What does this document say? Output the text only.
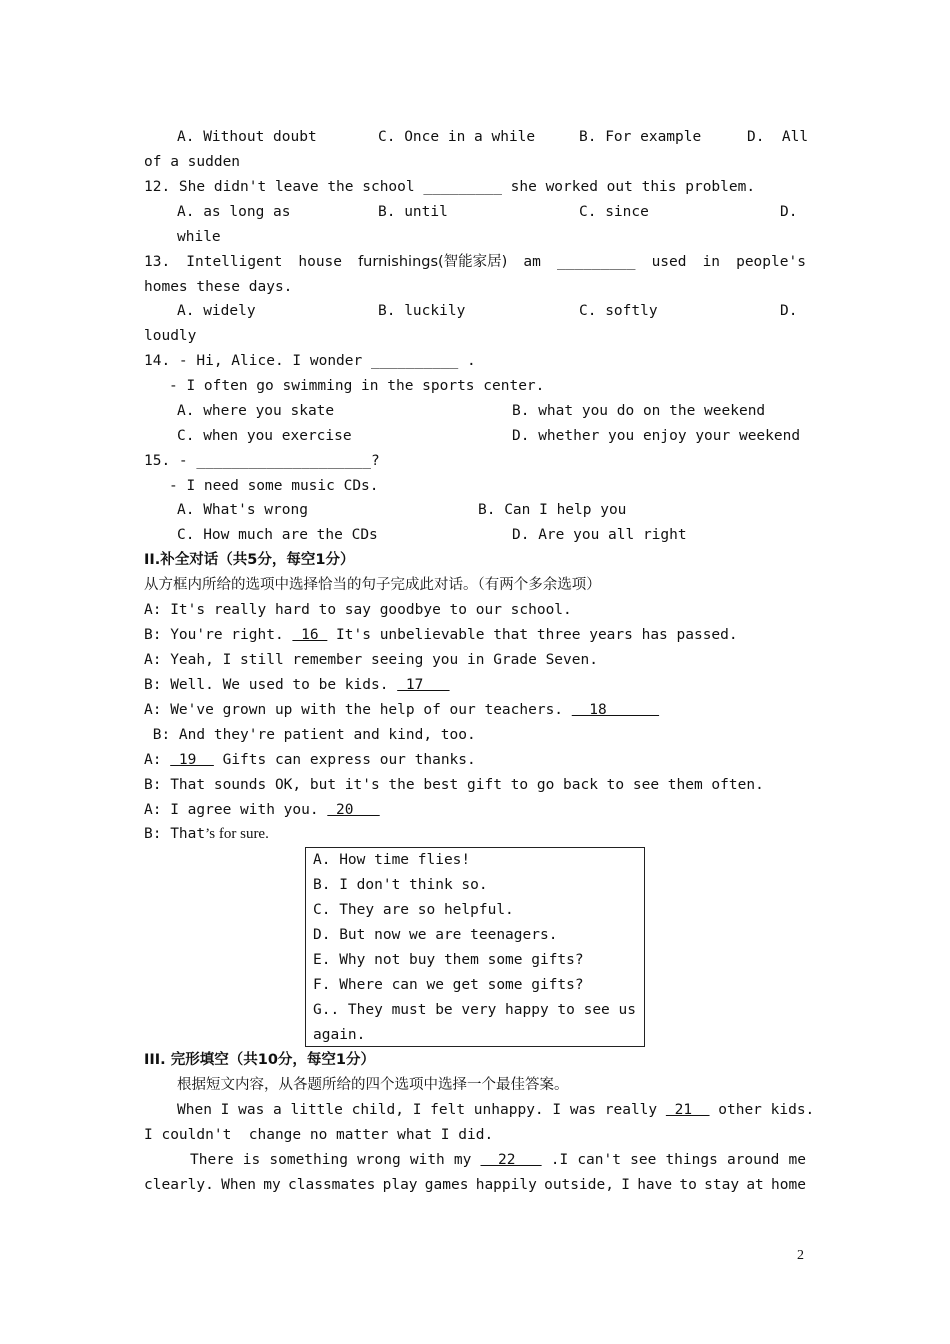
A. Without doubt	C. Once in a while	B. For example	D.  All
of a sudden
12. She didn't leave the school _________ she worked out this problem.
A. as long as	B. until	C. since	D.
while
13. Intelligent house furnishings(智能家居) am _________ used in people's
homes these days.
A. widely	B. luckily	C. softly	D.
loudly
14. - Hi, Alice. I wonder __________ .
- I often go swimming in the sports center.
A. where you skate	B. what you do on the weekend
C. when you exercise	D. whether you enjoy your weekend
15. - ____________________?
- I need some music CDs.
A. What's wrong	B. Can I help you
C. How much are the CDs	D. Are you all right
II.补全对话（共5分，每空1分）
从方框内所给的选项中选择恰当的句子完成此对话。（有两个多余选项）
A: It's really hard to say goodbye to our school.
B: You're right.  16  It's unbelievable that three years has passed.
A: Yeah, I still remember seeing you in Grade Seven.
B: Well. We used to be kids.  17
A: We've grown up with the help of our teachers.   18
B: And they're patient and kind, too.
A:  19   Gifts can express our thanks.
B: That sounds OK, but it's the best gift to go back to see them often.
A: I agree with you.  20
B: That’s for sure.
A. How time flies!
B. I don't think so.
C. They are so helpful.
D. But now we are teenagers.
E. Why not buy them some gifts?
F. Where can we get some gifts?
G.. They must be very happy to see us
again.
III. 完形填空（共10分，每空1分）
根据短文内容，从各题所给的四个选项中选择一个最佳答案。
When I was a little child, I felt unhappy. I was really  21   other kids.
I couldn't  change no matter what I did.
There is something wrong with my 22 .I can't see things around me
clearly. When my classmates play games happily outside, I have to stay at home
2
